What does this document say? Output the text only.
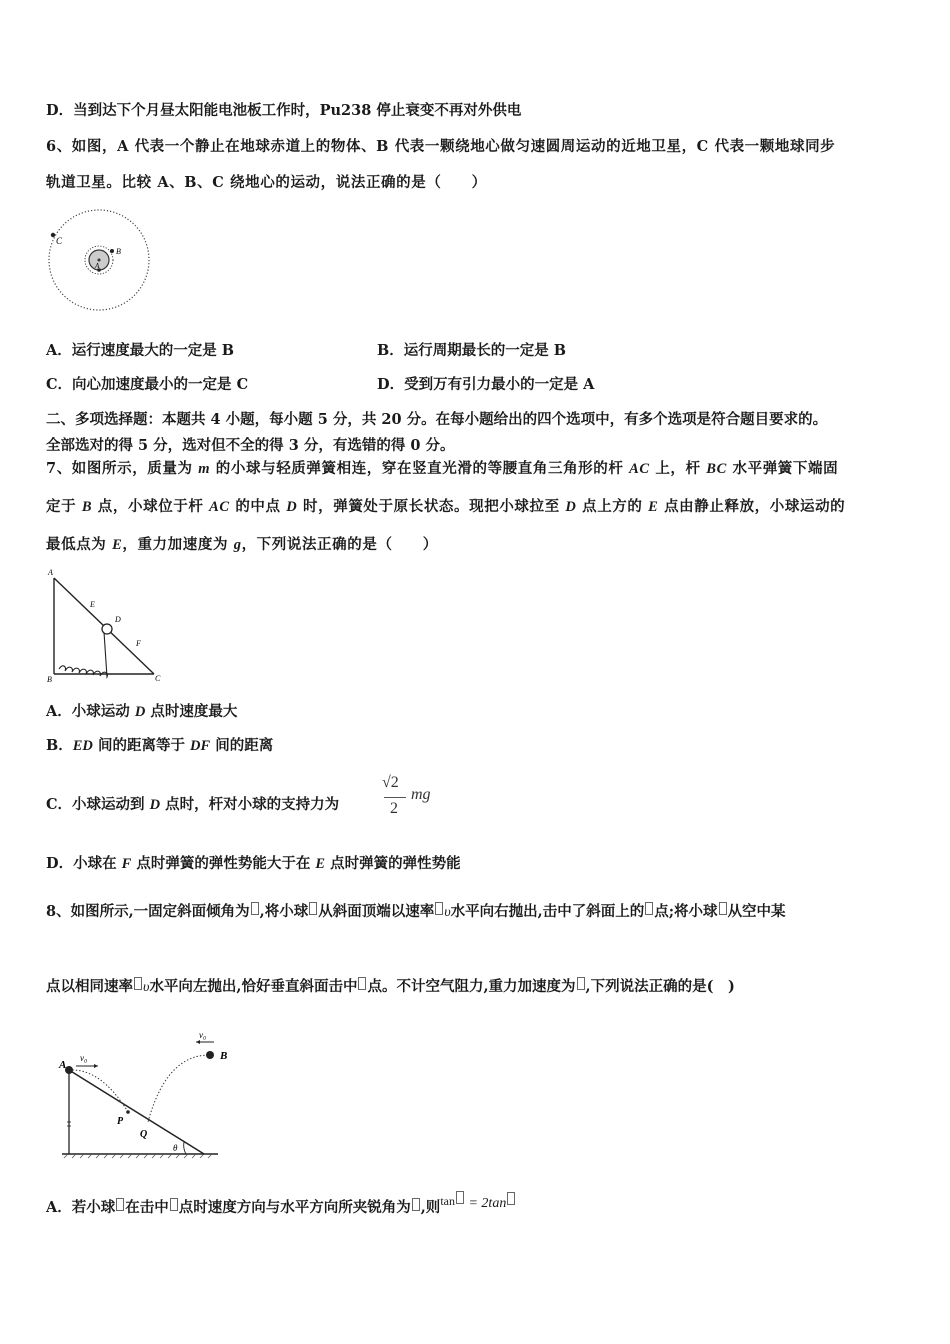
D．当到达下个月昼太阳能电池板工作时，Pu238 停止衰变不再对外供电
6、如图，A 代表一个静止在地球赤道上的物体、B 代表一颗绕地心做匀速圆周运动的近地卫星，C 代表一颗地球同步
轨道卫星。比较 A、B、C 绕地心的运动，说法正确的是（　　）
C
B
A
A．运行速度最大的一定是 B	B．运行周期最长的一定是 B
C．向心加速度最小的一定是 C	D．受到万有引力最小的一定是 A
二、多项选择题：本题共 4 小题，每小题 5 分，共 20 分。在每小题给出的四个选项中，有多个选项是符合题目要求的。
全部选对的得 5 分，选对但不全的得 3 分，有选错的得 0 分。
7、如图所示，质量为 m 的小球与轻质弹簧相连，穿在竖直光滑的等腰直角三角形的杆 AC 上，杆 BC 水平弹簧下端固
定于 B 点，小球位于杆 AC 的中点 D 时，弹簧处于原长状态。现把小球拉至 D 点上方的 E 点由静止释放，小球运动的
最低点为 E，重力加速度为 g，下列说法正确的是（　　）
A
B	C
E
D
F
A．小球运动 D 点时速度最大
B．ED 间的距离等于 DF 间的距离
C．小球运动到 D 点时，杆对小球的支持力为
√2
2
mg
D．小球在 F 点时弹簧的弹性势能大于在 E 点时弹簧的弹性势能
8、如图所示,一固定斜面倾角为 ,将小球 从斜面顶端以速率 υ水平向右抛出,击中了斜面上的 点;将小球 从空中某
点以相同速率 υ水平向左抛出,恰好垂直斜面击中 点。不计空气阻力,重力加速度为 ,下列说法正确的是(　)
A
B
P
Q
θ
v₀
v₀
A．若小球 在击中 点时速度方向与水平方向所夹锐角为 ,则$^{tan}$ = 2tan
